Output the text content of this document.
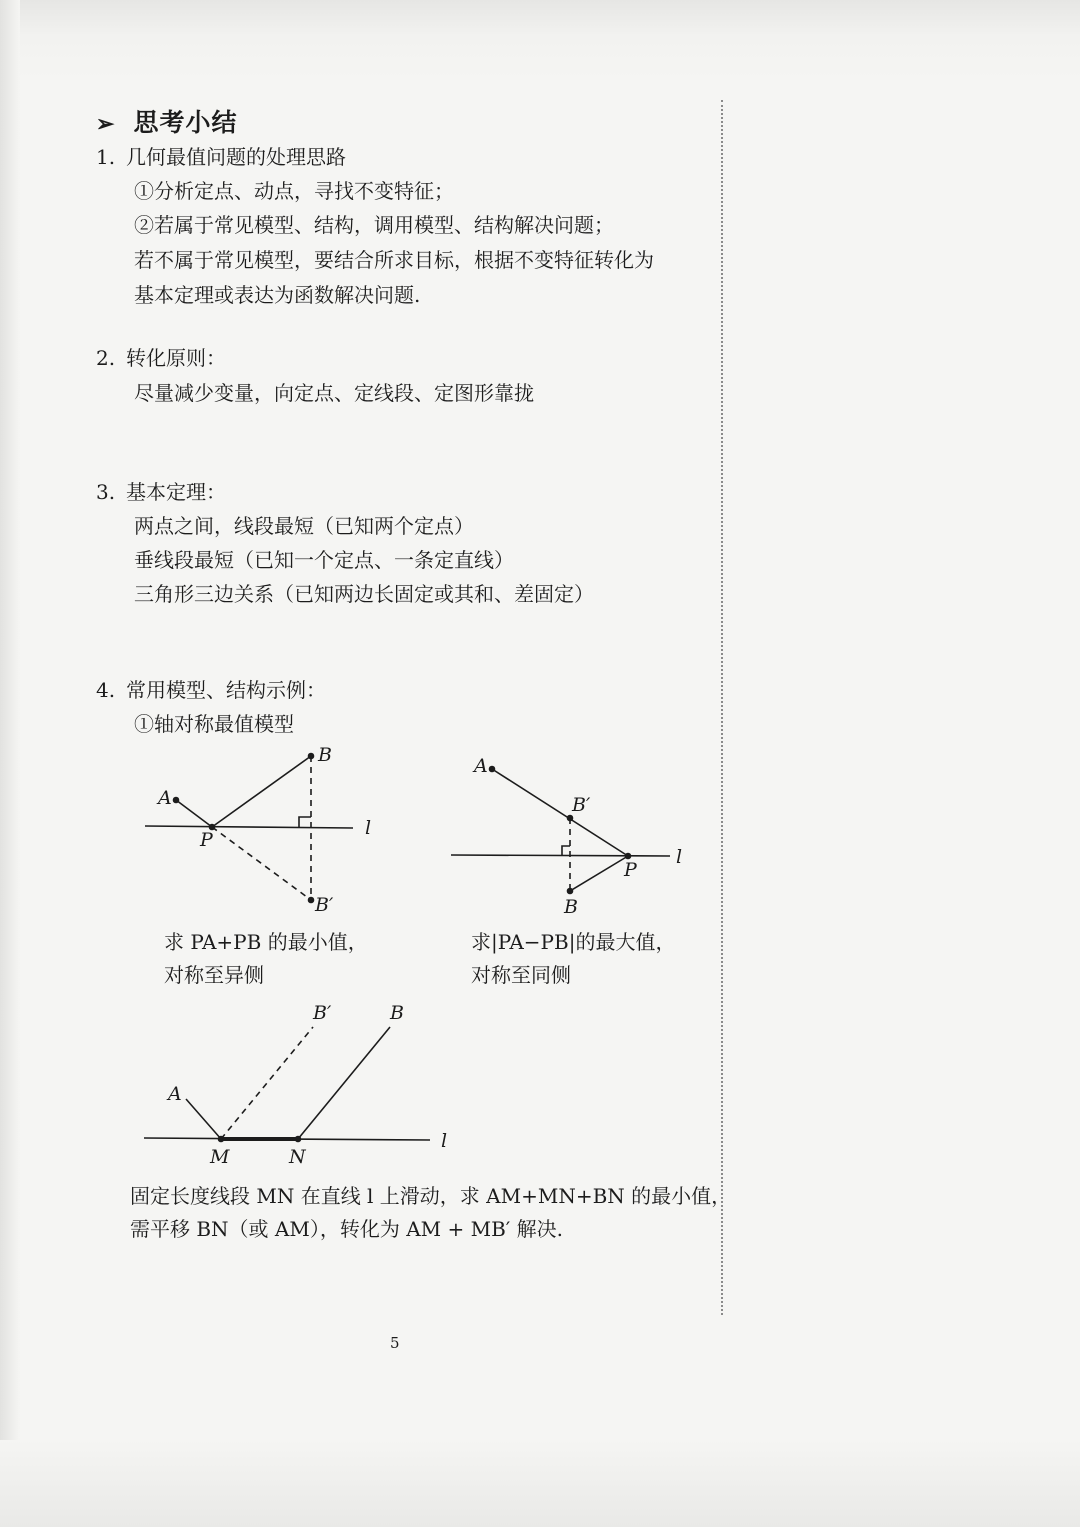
➢ 思考小结
1. 几何最值问题的处理思路
①分析定点、动点，寻找不变特征；
②若属于常见模型、结构，调用模型、结构解决问题；
若不属于常见模型，要结合所求目标，根据不变特征转化为
基本定理或表达为函数解决问题.
2. 转化原则：
尽量减少变量，向定点、定线段、定图形靠拢
3. 基本定理：
两点之间，线段最短（已知两个定点）
垂线段最短（已知一个定点、一条定直线）
三角形三边关系（已知两边长固定或其和、差固定）
4. 常用模型、结构示例：
①轴对称最值模型
A
B
P
B′
l
A
B′
P
B
l
A
B′	B
M	N
l
求 PA+PB 的最小值，
对称至异侧
求|PA−PB|的最大值，
对称至同侧
固定长度线段 MN 在直线 l 上滑动，求 AM+MN+BN 的最小值，
需平移 BN（或 AM），转化为 AM + MB′ 解决.
5
